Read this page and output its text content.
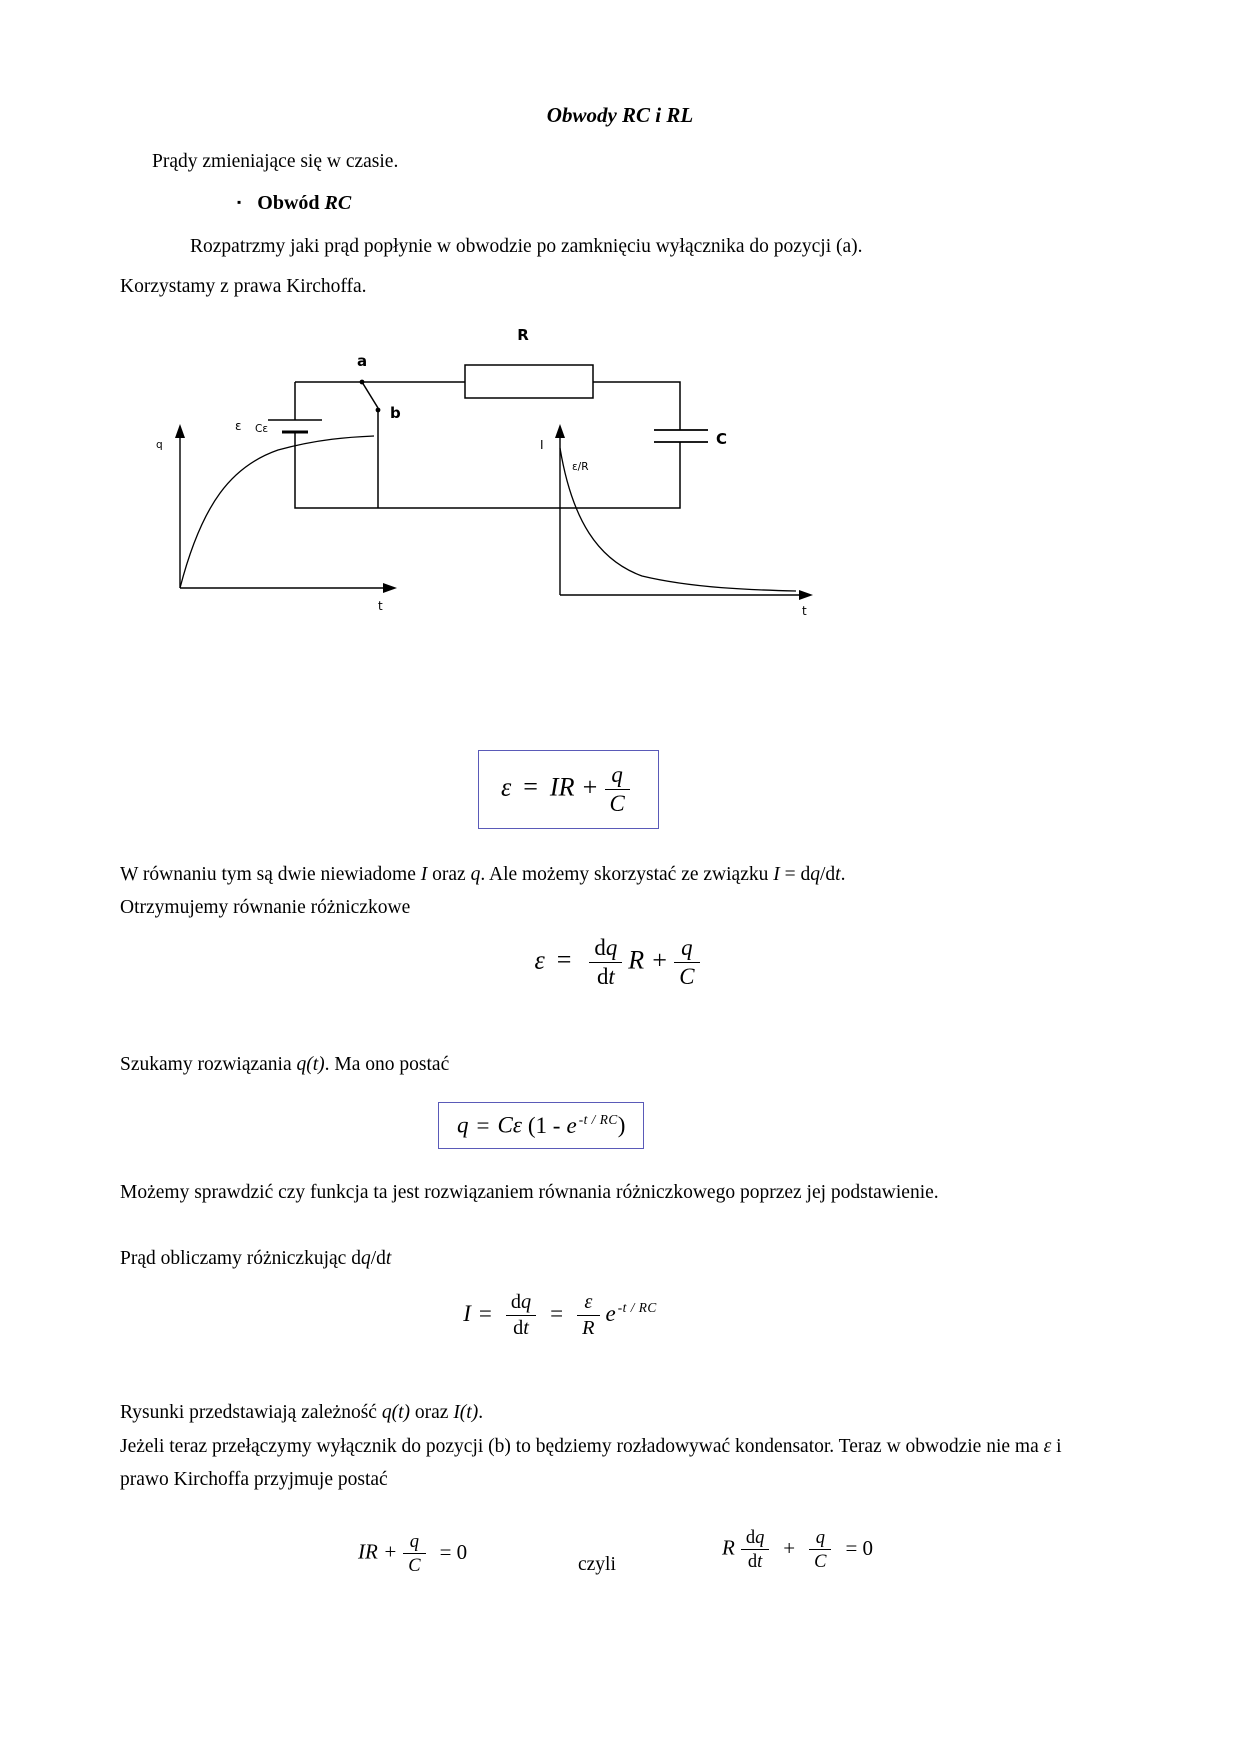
Obwody RC i RL
Prądy zmieniające się w czasie.
▪ Obwód RC
Rozpatrzmy jaki prąd popłynie w obwodzie po zamknięciu wyłącznika do pozycji (a).
Korzystamy z prawa Kirchoffa.
R
a
b
ε Cε
C
q
t
I
ε/R
t
ε = IR + $\frac{q}{C}$
W równaniu tym są dwie niewiadome I oraz q. Ale możemy skorzystać ze związku I = dq/dt.
Otrzymujemy równanie różniczkowe
$\varepsilon = \frac{dq}{dt}$ $R + \frac{q}{C}$
Szukamy rozwiązania q(t). Ma ono postać
q = Cε (1 - e $^{-t / RC}$)
Możemy sprawdzić czy funkcja ta jest rozwiązaniem równania różniczkowego poprzez jej podstawienie.
Prąd obliczamy różniczkując dq/dt
$I = \frac{dq}{dt} = \frac{\varepsilon}{R}$ e $^{-t / RC}$
Rysunki przedstawiają zależność q(t) oraz I(t).
Jeżeli teraz przełączymy wyłącznik do pozycji (b) to będziemy rozładowywać kondensator. Teraz w obwodzie nie ma ε i prawo Kirchoffa przyjmuje postać
IR + $\frac{q}{C} = 0$
czyli
R $\frac{dq}{dt} + \frac{q}{C} = 0$
